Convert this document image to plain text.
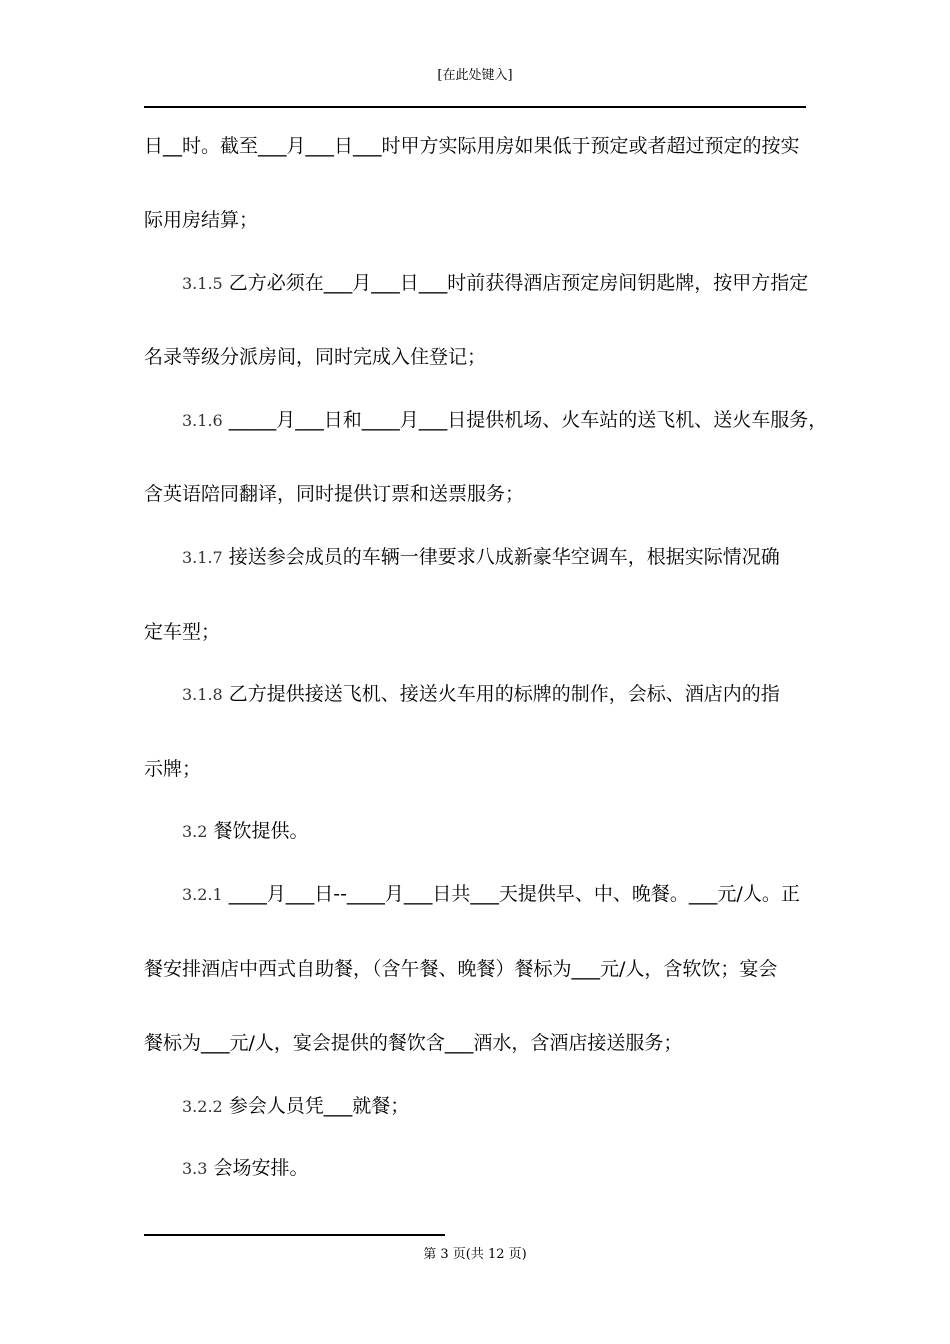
[在此处键入]
日__时。截至___月___日___时甲方实际用房如果低于预定或者超过预定的按实
际用房结算；
3.1.5 乙方必须在___月___日___时前获得酒店预定房间钥匙牌，按甲方指定
名录等级分派房间，同时完成入住登记；
3.1.6 _____月___日和____月___日提供机场、火车站的送飞机、送火车服务，
含英语陪同翻译，同时提供订票和送票服务；
3.1.7 接送参会成员的车辆一律要求八成新豪华空调车，根据实际情况确
定车型；
3.1.8 乙方提供接送飞机、接送火车用的标牌的制作，会标、酒店内的指
示牌；
3.2 餐饮提供。
3.2.1 ____月___日--____月___日共___天提供早、中、晚餐。___元/人。正
餐安排酒店中西式自助餐，（含午餐、晚餐）餐标为___元/人，含软饮；宴会
餐标为___元/人，宴会提供的餐饮含___酒水，含酒店接送服务；
3.2.2 参会人员凭___就餐；
3.3 会场安排。
第 3 页(共 12 页)
